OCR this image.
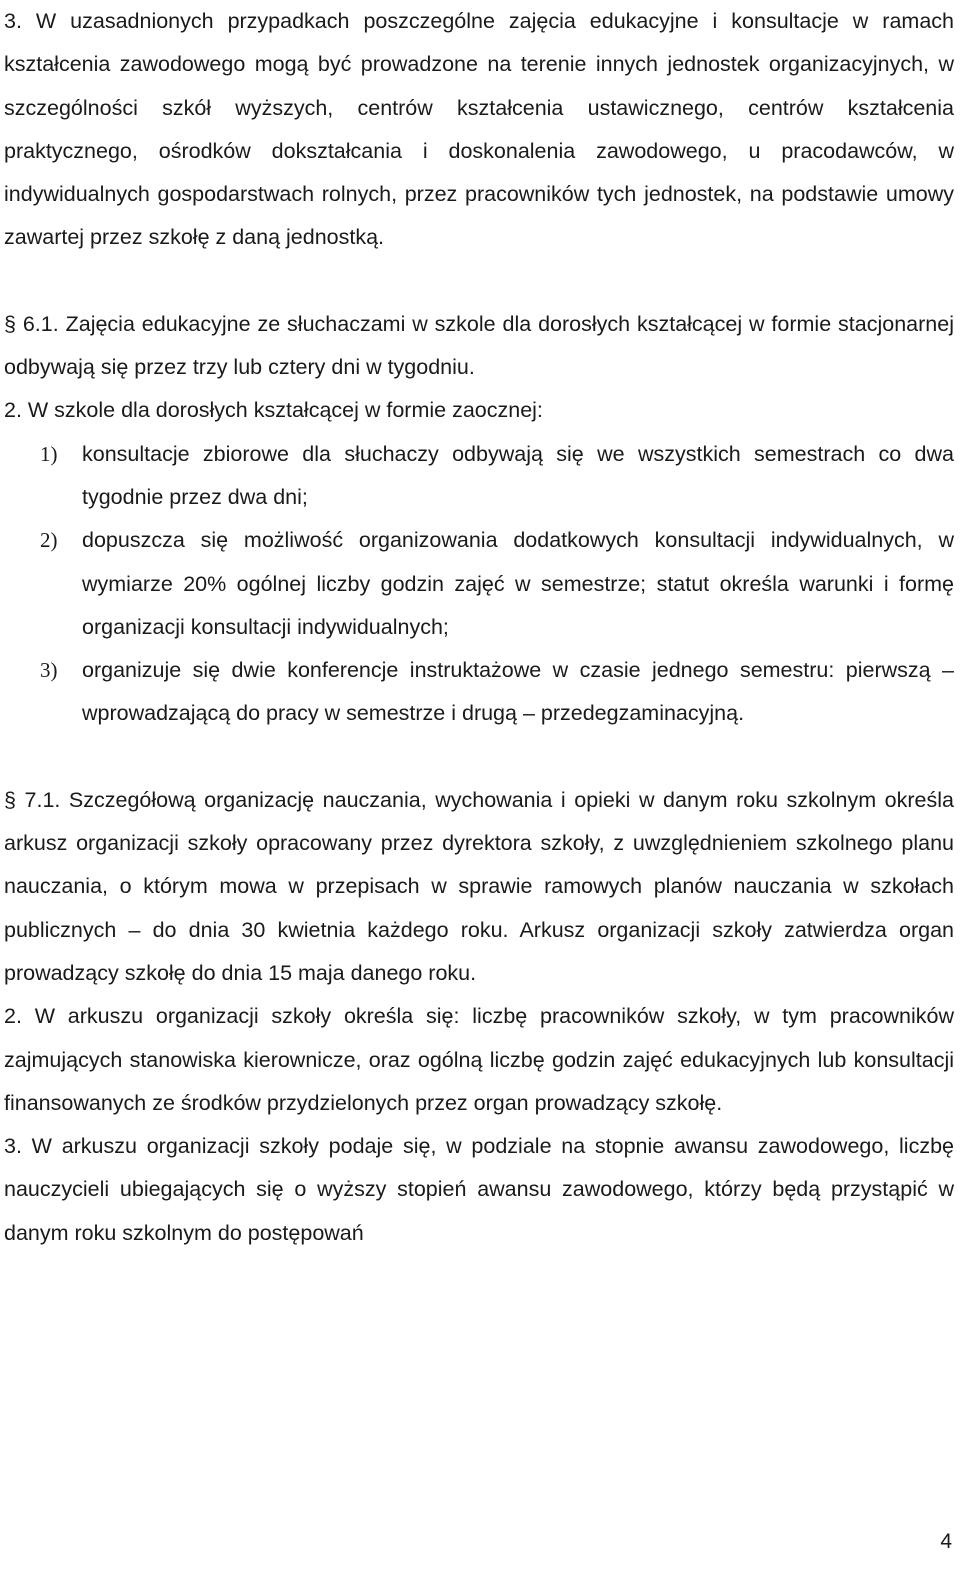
3. W uzasadnionych przypadkach poszczególne zajęcia edukacyjne i konsultacje w ramach kształcenia zawodowego mogą być prowadzone na terenie innych jednostek organizacyjnych, w szczególności szkół wyższych, centrów kształcenia ustawicznego, centrów kształcenia praktycznego, ośrodków dokształcania i doskonalenia zawodowego, u pracodawców, w indywidualnych gospodarstwach rolnych, przez pracowników tych jednostek, na podstawie umowy zawartej przez szkołę z daną jednostką.

§ 6.1. Zajęcia edukacyjne ze słuchaczami w szkole dla dorosłych kształcącej w formie stacjonarnej odbywają się przez trzy lub cztery dni w tygodniu.

2. W szkole dla dorosłych kształcącej w formie zaocznej:

1)	konsultacje zbiorowe dla słuchaczy odbywają się we wszystkich semestrach co dwa tygodnie przez dwa dni;
2)	dopuszcza się możliwość organizowania dodatkowych konsultacji indywidualnych, w wymiarze 20% ogólnej liczby godzin zajęć w semestrze; statut określa warunki i formę organizacji konsultacji indywidualnych;
3)	organizuje się dwie konferencje instruktażowe w czasie jednego semestru: pierwszą – wprowadzającą do pracy w semestrze i drugą – przedegzaminacyjną.

§ 7.1. Szczegółową organizację nauczania, wychowania i opieki w danym roku szkolnym określa arkusz organizacji szkoły opracowany przez dyrektora szkoły, z uwzględnieniem szkolnego planu nauczania, o którym mowa w przepisach w sprawie ramowych planów nauczania w szkołach publicznych – do dnia 30 kwietnia każdego roku. Arkusz organizacji szkoły zatwierdza organ prowadzący szkołę do dnia 15 maja danego roku.

2. W arkuszu organizacji szkoły określa się: liczbę pracowników szkoły, w tym pracowników zajmujących stanowiska kierownicze, oraz ogólną liczbę godzin zajęć edukacyjnych lub konsultacji finansowanych ze środków przydzielonych przez organ prowadzący szkołę.

3. W arkuszu organizacji szkoły podaje się, w podziale na stopnie awansu zawodowego, liczbę nauczycieli ubiegających się o wyższy stopień awansu zawodowego, którzy będą przystąpić w danym roku szkolnym do postępowań

4
